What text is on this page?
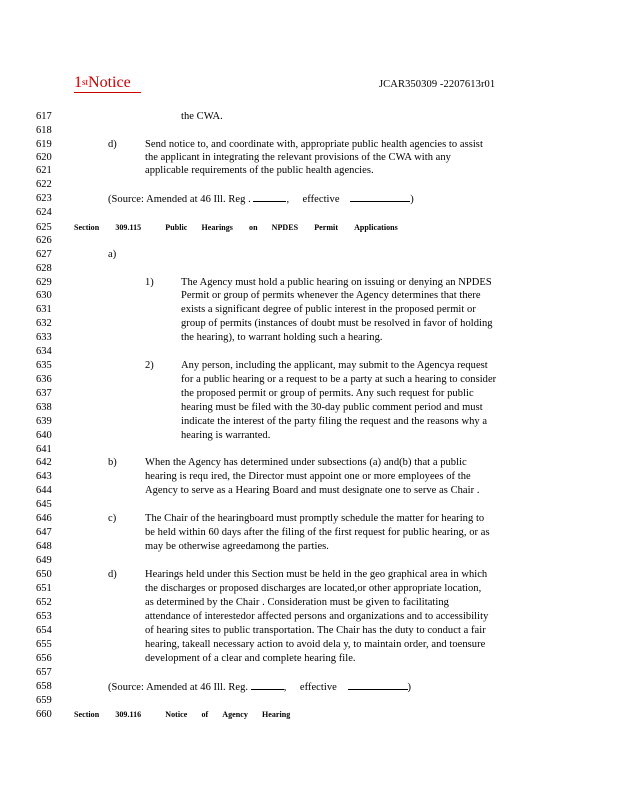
1stNotice	JCAR350309 -2207613r01
617
618
619
620
621
622
623
624
625
626
627
628
629
630
631
632
633
634
635
636
637
638
639
640
641
642
643
644
645
646
647
648
649
650
651
652
653
654
655
656
657
658
659
660
the CWA.
d)	Send notice to, and coordinate with, appropriate public health agencies to assist
the applicant in integrating the relevant provisions of the CWA with any
applicable requirements of the public health agencies.
(Source: Amended at 46 Ill. Reg .	,     effective	)
Section 309.115	Public Hearings on NPDES Permit Applications
a)
1)	The Agency must hold a public hearing on issuing or denying an NPDES
Permit or group of permits whenever the Agency determines that there
exists a significant degree of public interest in the proposed permit or
group of permits (instances of doubt must be resolved in favor of holding
the hearing), to warrant holding such a hearing.
2)	Any person, including the applicant, may submit to the Agencya request
for a public hearing or a request to be a party at such a hearing to consider
the proposed permit or group of permits. Any such request for public
hearing must be filed with the 30-day public comment period and must
indicate the interest of the party filing the request and the reasons why a
hearing is warranted.
b)	When the Agency has determined under subsections (a) and(b) that a public
hearing is requ ired, the Director must appoint one or more employees of the
Agency to serve as a Hearing Board and must designate one to serve as Chair .
c)	The Chair of the hearingboard must promptly schedule the matter for hearing to
be held within 60 days after the filing of the first request for public hearing, or as
may be otherwise agreedamong the parties.
d)	Hearings held under this Section must be held in the geo graphical area in which
the discharges or proposed discharges are located,or other appropriate location,
as determined by the Chair . Consideration must be given to facilitating
attendance of interestedor affected persons and organizations and to accessibility
of hearing sites to public transportation. The Chair has the duty to conduct a fair
hearing, takeall necessary action to avoid dela y, to maintain order, and toensure
development of a clear and complete hearing file.
(Source: Amended at 46 Ill. Reg.	,     effective	)
Section 309.116	Notice of Agency Hearing
